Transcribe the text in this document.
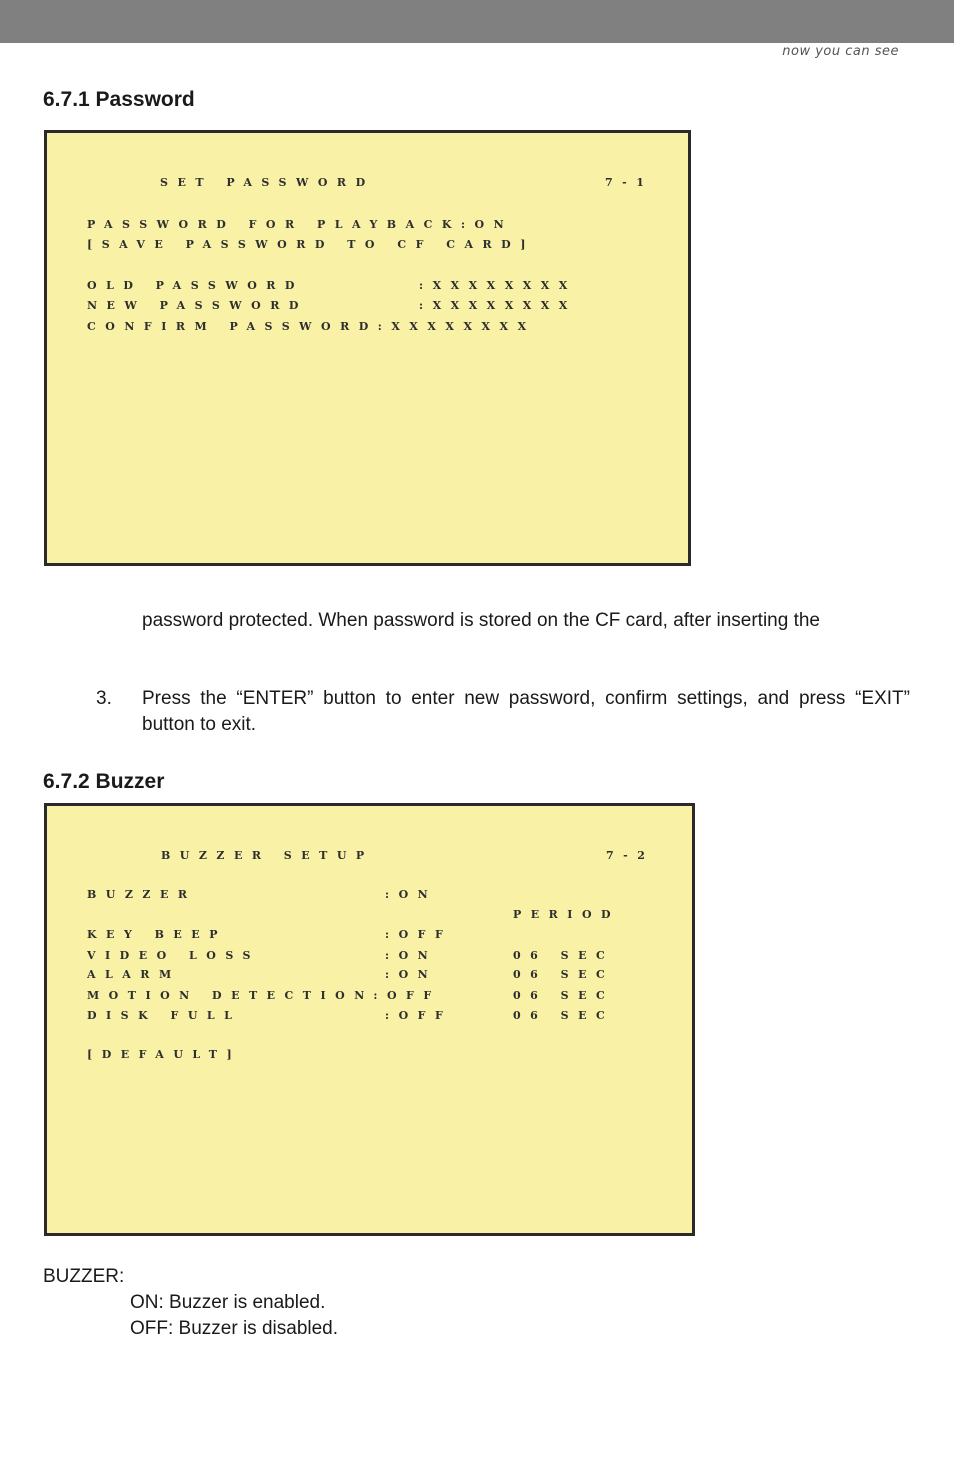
now you can see
6.7.1 Password
SET PASSWORD	7-1
PASSWORD FOR PLAYBACK:ON
[SAVE PASSWORD TO CF CARD]
OLD PASSWORD	:XXXXXXXX
NEW PASSWORD	:XXXXXXXX
CONFIRM PASSWORD:XXXXXXXX
password protected. When password is stored on the CF card, after inserting the
3. Press the “ENTER” button to enter new password, confirm settings, and press “EXIT” button to exit.
6.7.2 Buzzer
BUZZER SETUP	7-2
BUZZER	:ON
PERIOD
KEY BEEP	:OFF
VIDEO LOSS	:ON	06 SEC
ALARM	:ON	06 SEC
MOTION DETECTION:OFF	06 SEC
DISK FULL	:OFF	06 SEC
[DEFAULT]
BUZZER:
ON: Buzzer is enabled.
OFF: Buzzer is disabled.
